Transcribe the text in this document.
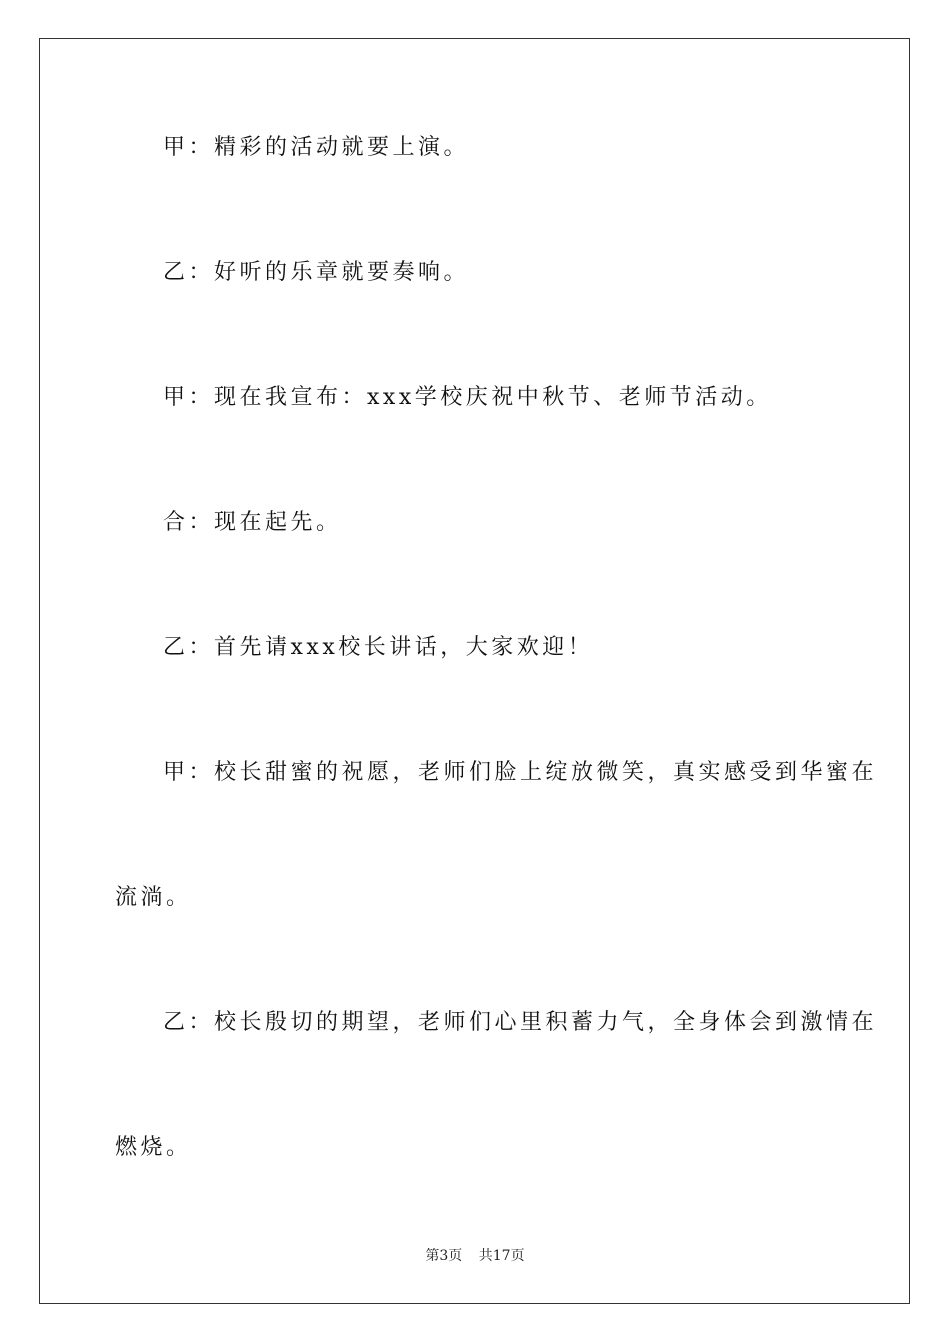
甲：精彩的活动就要上演。
乙：好听的乐章就要奏响。
甲：现在我宣布：xxx学校庆祝中秋节、老师节活动。
合：现在起先。
乙：首先请xxx校长讲话，大家欢迎！
甲：校长甜蜜的祝愿，老师们脸上绽放微笑，真实感受到华蜜在
流淌。
乙：校长殷切的期望，老师们心里积蓄力气，全身体会到激情在
燃烧。
第3页 共17页
